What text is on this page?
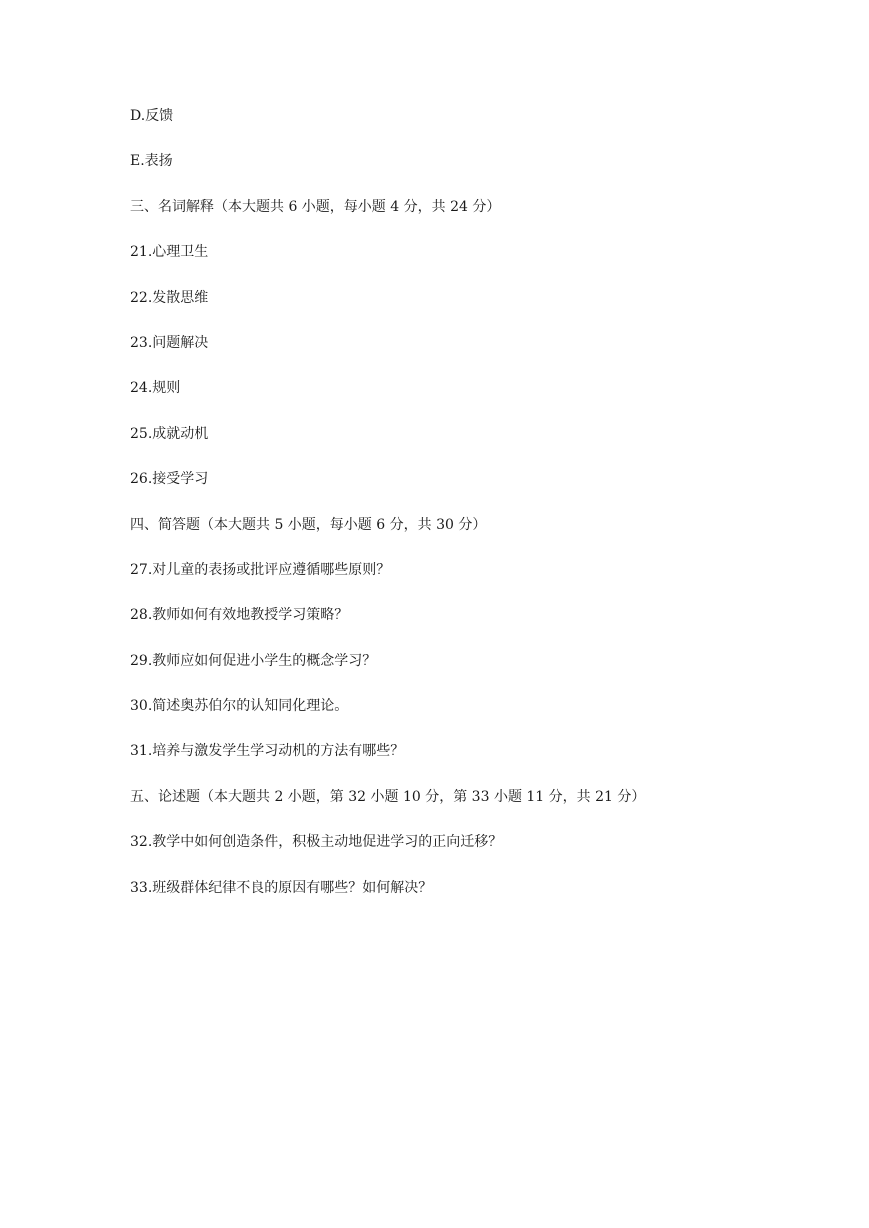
D.反馈
E.表扬
三、名词解释（本大题共 6 小题，每小题 4 分，共 24 分）
21.心理卫生
22.发散思维
23.问题解决
24.规则
25.成就动机
26.接受学习
四、简答题（本大题共 5 小题，每小题 6 分，共 30 分）
27.对儿童的表扬或批评应遵循哪些原则？
28.教师如何有效地教授学习策略？
29.教师应如何促进小学生的概念学习？
30.简述奥苏伯尔的认知同化理论。
31.培养与激发学生学习动机的方法有哪些？
五、论述题（本大题共 2 小题，第 32 小题 10 分，第 33 小题 11 分，共 21 分）
32.教学中如何创造条件，积极主动地促进学习的正向迁移？
33.班级群体纪律不良的原因有哪些？如何解决？
